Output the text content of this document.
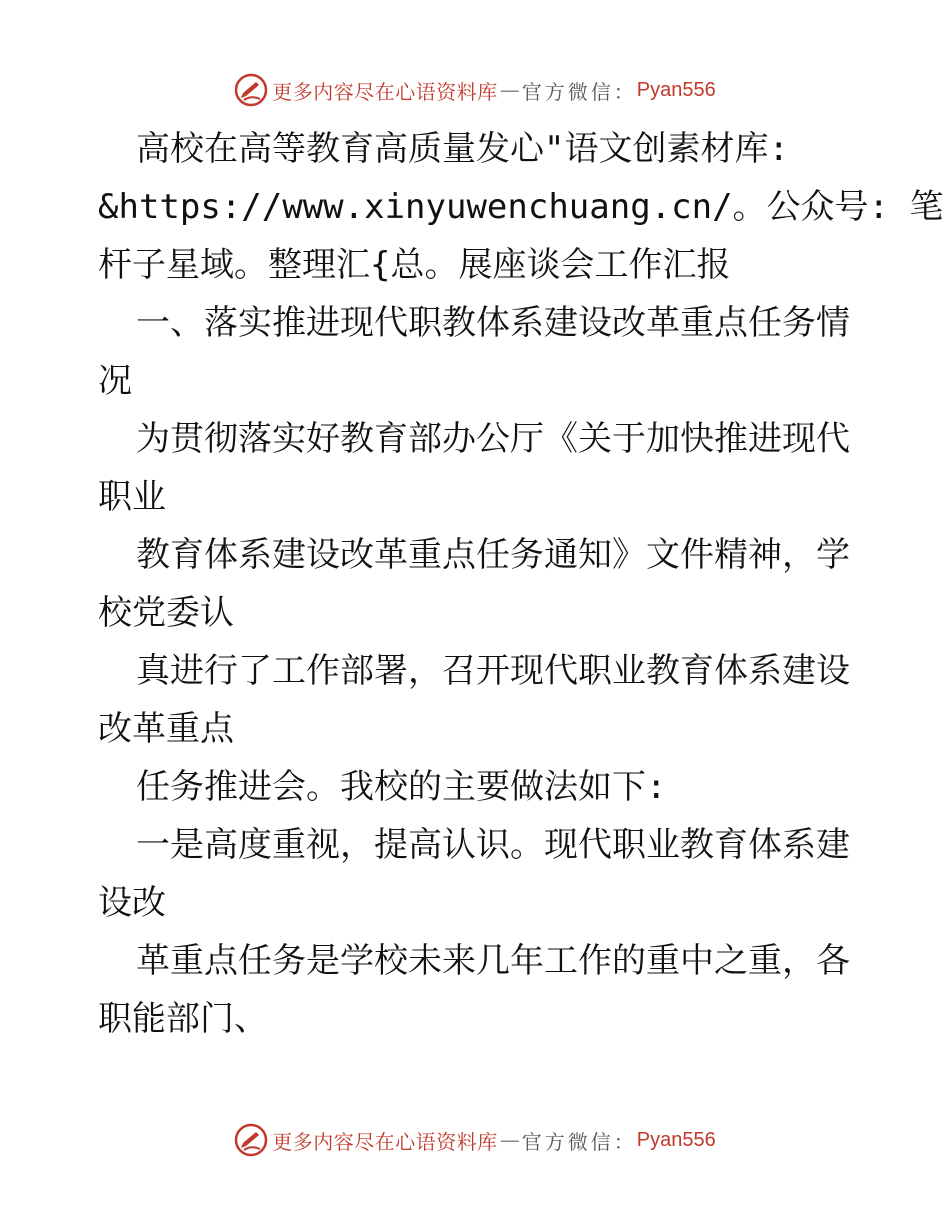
更多内容尽在心语资料库 — 官方微信： Pyan556
高校在高等教育高质量发心"语文创素材库:
&https://www.xinyuwenchuang.cn/。公众号: 笔
杆子星域。整理汇{总。展座谈会工作汇报
一、落实推进现代职教体系建设改革重点任务情
况
为贯彻落实好教育部办公厅《关于加快推进现代
职业
教育体系建设改革重点任务通知》文件精神，学
校党委认
真进行了工作部署，召开现代职业教育体系建设
改革重点
任务推进会。我校的主要做法如下:
一是高度重视，提高认识。现代职业教育体系建
设改
革重点任务是学校未来几年工作的重中之重，各
职能部门、
更多内容尽在心语资料库 — 官方微信： Pyan556
